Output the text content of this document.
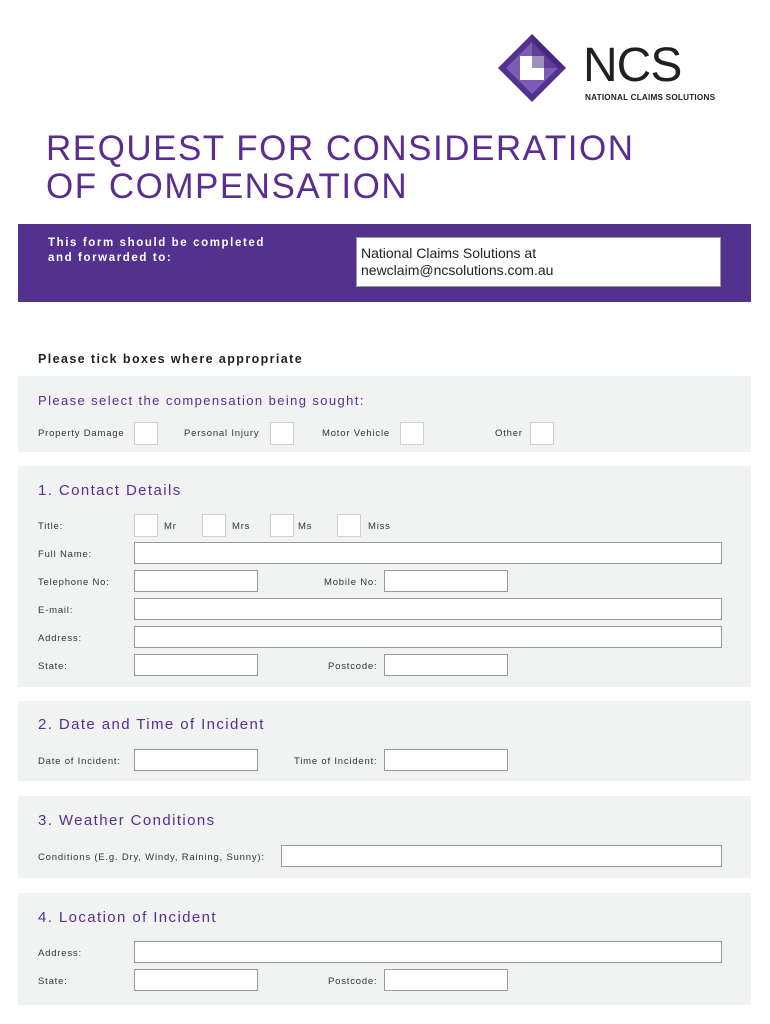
NCS
NATIONAL CLAIMS SOLUTIONS
REQUEST FOR CONSIDERATION
OF COMPENSATION
This form should be completed
and forwarded to:	National Claims Solutions at
newclaim@ncsolutions.com.au
Please tick boxes where appropriate
Please select the compensation being sought:
Property Damage	Personal Injury	Motor Vehicle	Other
1. Contact Details
Title:	Mr	Mrs	Ms	Miss
Full Name:
Telephone No:	Mobile No:
E-mail:
Address:
State:	Postcode:
2. Date and Time of Incident
Date of Incident:	Time of Incident:
3. Weather Conditions
Conditions (E.g. Dry, Windy, Raining, Sunny):
4. Location of Incident
Address:
State:	Postcode:
